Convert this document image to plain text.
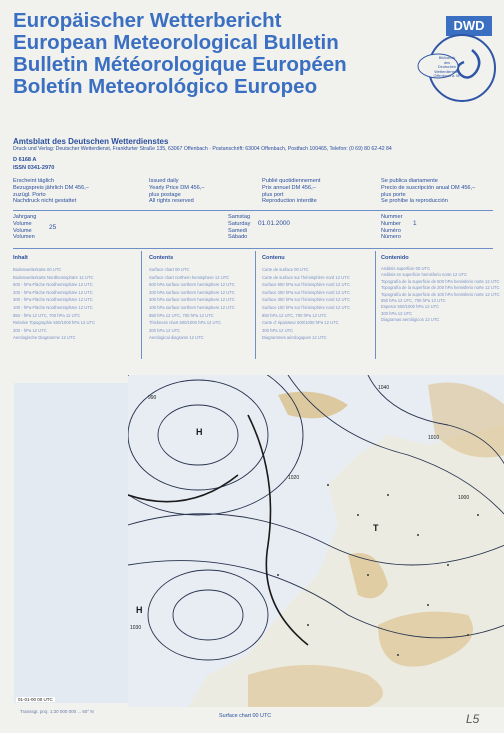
Europäischer Wetterbericht
European Meteorological Bulletin
Bulletin Météorologique Européen
Boletín Meteorológico Europeo
DWD
Bibliothek
des
Deutschen Wetterdienstes
Offenbach a. M.
Amtsblatt des Deutschen Wetterdienstes
Druck und Verlag: Deutscher Wetterdienst, Frankfurter Straße 135, 63067 Offenbach · Postanschrift: 63004 Offenbach, Postfach 100465, Telefon: (0 69) 80 62-42 84
D 6168 A
ISSN 0341-2970
Erscheint täglich
Bezugspreis jährlich DM 456,–
zuzügl. Porto
Nachdruck nicht gestattet
Issued daily
Yearly Price DM 456,–
plus postage
All rights reserved
Publié quotidiennement
Prix annuel DM 456,–
plus port
Reproduction interdite
Se publica diariamente
Precio de suscripción anual DM 456,–
plus porte
Se prohibe la reproducción
Jahrgang
Volume
Volume
Volumen
25
Samstag
Saturday
Samedi
Sábado
01.01.2000
Nummer
Number
Numéro
Número
1
Inhalt
Bodenwetterkarte 00 UTC
Bodenwetterkarte Nordhemisphäre 12 UTC
500 - hPa-Fläche Nordhemisphäre 12 UTC
200 - hPa-Fläche Nordhemisphäre 12 UTC
300 - hPa-Fläche Nordhemisphäre 12 UTC
100 - hPa-Fläche Nordhemisphäre 12 UTC
850 - hPa 12 UTC, 700 hPa 12 UTC
Relative Topographie 500/1000 hPa 12 UTC
300 - hPa 12 UTC
Aerologische Diagramme 12 UTC
Contents
Surface chart 00 UTC
Surface chart northern hemisphere 12 UTC
500 hPa surface northern hemisphere 12 UTC
200 hPa surface northern hemisphere 12 UTC
300 hPa surface northern hemisphere 12 UTC
100 hPa surface northern hemisphere 12 UTC
850 hPa 12 UTC, 700 hPa 12 UTC
Thickness chart 500/1000 hPa 12 UTC
300 hPa 12 UTC
Aerological diagrams 12 UTC
Contenu
Carte de surface 00 UTC
Carte de surface sur l'hémisphère nord 12 UTC
Surface 500 hPa sur l'hémisphère nord 12 UTC
Surface 200 hPa sur l'hémisphère nord 12 UTC
Surface 300 hPa sur l'hémisphère nord 12 UTC
Surface 100 hPa sur l'hémisphère nord 12 UTC
850 hPa 12 UTC, 700 hPa 12 UTC
Carte d' épaisseur 500/1000 hPa 12 UTC
300 hPa 12 UTC
Diagrammes aérologiques 12 UTC
Contenido
Análisis superficie 00 UTC
Análisis en superficie hemisferio norte 12 UTC
Topografía de la superficie de 500 hPa hemisferio norte 12 UTC
Topografía de la superficie de 200 hPa hemisferio norte 12 UTC
Topografía de la superficie de 100 hPa hemisferio norte 12 UTC
850 hPa 12 UTC, 700 hPa 12 UTC
Espesor 500/1000 hPa 12 UTC
300 hPa 12 UTC
Diagramas aerológicos 12 UTC
H
T
H
1030
1020
1010
1000
990
1040
01-01-00 00 UTC
Transsgr. proj. 1:30 000 000 ... 60° N
Surface chart 00 UTC	L5
